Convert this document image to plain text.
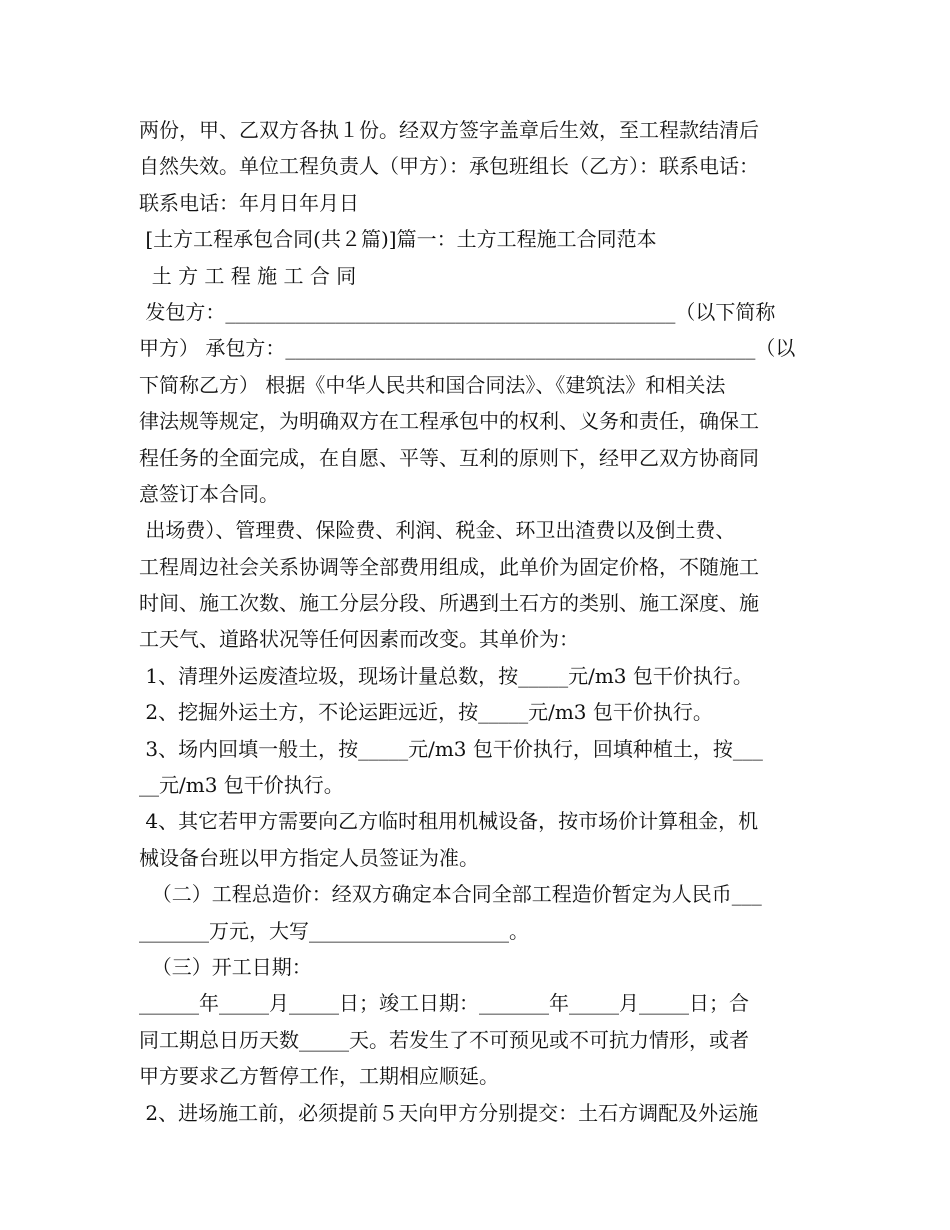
两份，甲、乙双方各执１份。经双方签字盖章后生效，至工程款结清后
自然失效。单位工程负责人（甲方）：承包班组长（乙方）：联系电话：
联系电话：年月日年月日
[土方工程承包合同(共２篇)]篇一：土方工程施工合同范本
土 方 工 程 施 工 合 同
发包方：_____________________________________________（以下简称
甲方） 承包方：_______________________________________________（以
下简称乙方） 根据《中华人民共和国合同法》、《建筑法》和相关法
律法规等规定，为明确双方在工程承包中的权利、义务和责任，确保工
程任务的全面完成，在自愿、平等、互利的原则下，经甲乙双方协商同
意签订本合同。
出场费）、管理费、保险费、利润、税金、环卫出渣费以及倒土费、
工程周边社会关系协调等全部费用组成，此单价为固定价格，不随施工
时间、施工次数、施工分层分段、所遇到土石方的类别、施工深度、施
工天气、道路状况等任何因素而改变。其单价为：
1、清理外运废渣垃圾，现场计量总数，按_____元/m3 包干价执行。
2、挖掘外运土方，不论运距远近，按_____元/m3 包干价执行。
3、场内回填一般土，按_____元/m3 包干价执行，回填种植土，按___
__元/m3 包干价执行。
4、其它若甲方需要向乙方临时租用机械设备，按市场价计算租金，机
械设备台班以甲方指定人员签证为准。
（二）工程总造价：经双方确定本合同全部工程造价暂定为人民币___
_______万元，大写____________________。
（三）开工日期：
______年_____月_____日；竣工日期：_______年_____月_____日；合
同工期总日历天数_____天。若发生了不可预见或不可抗力情形，或者
甲方要求乙方暂停工作，工期相应顺延。
2、进场施工前，必须提前５天向甲方分别提交：土石方调配及外运施
